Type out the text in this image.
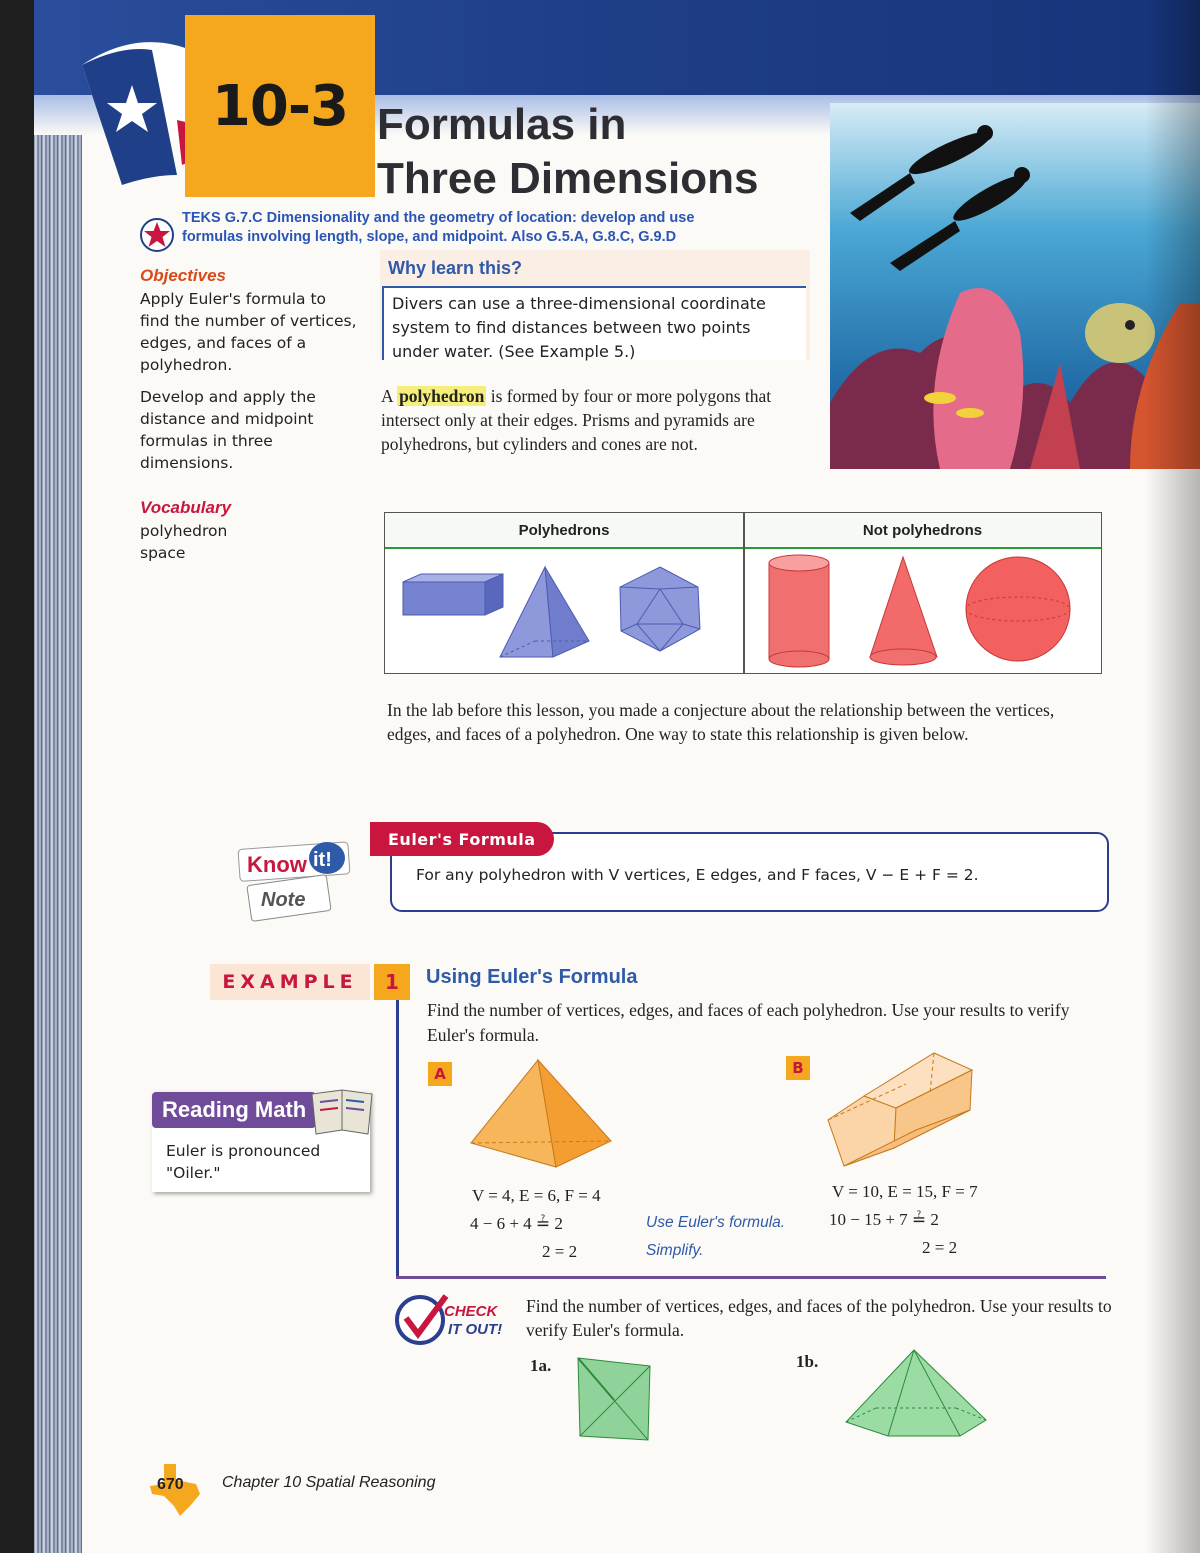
10-3 Formulas in
Three Dimensions
TEKS G.7.C Dimensionality and the geometry of location: develop and use
formulas involving length, slope, and midpoint. Also G.5.A, G.8.C, G.9.D
Objectives

Apply Euler's formula to find the number of vertices, edges, and faces of a polyhedron.

Develop and apply the distance and midpoint formulas in three dimensions.

Vocabulary
polyhedron
space
Why learn this?
Divers can use a three-dimensional coordinate system to find distances between two points under water. (See Example 5.)
A polyhedron is formed by four or more polygons that intersect only at their edges. Prisms and pyramids are polyhedrons, but cylinders and cones are not.
Polyhedrons	Not polyhedrons
In the lab before this lesson, you made a conjecture about the relationship between the vertices, edges, and faces of a polyhedron. One way to state this relationship is given below.
Know it!
Note
Euler's Formula
For any polyhedron with V vertices, E edges, and F faces, V − E + F = 2.
EXAMPLE	1	Using Euler's Formula
Find the number of vertices, edges, and faces of each polyhedron. Use your results to verify Euler's formula.
A	B
V = 4, E = 6, F = 4
4 − 6 + 4 ≟ 2
2 = 2
Use Euler's formula.
Simplify.
V = 10, E = 15, F = 7
10 − 15 + 7 ≟ 2
2 = 2
Reading Math
Euler is pronounced "Oiler."
CHECK
IT OUT!
Find the number of vertices, edges, and faces of the polyhedron. Use your results to verify Euler's formula.
1a.	1b.
670 Chapter 10 Spatial Reasoning
